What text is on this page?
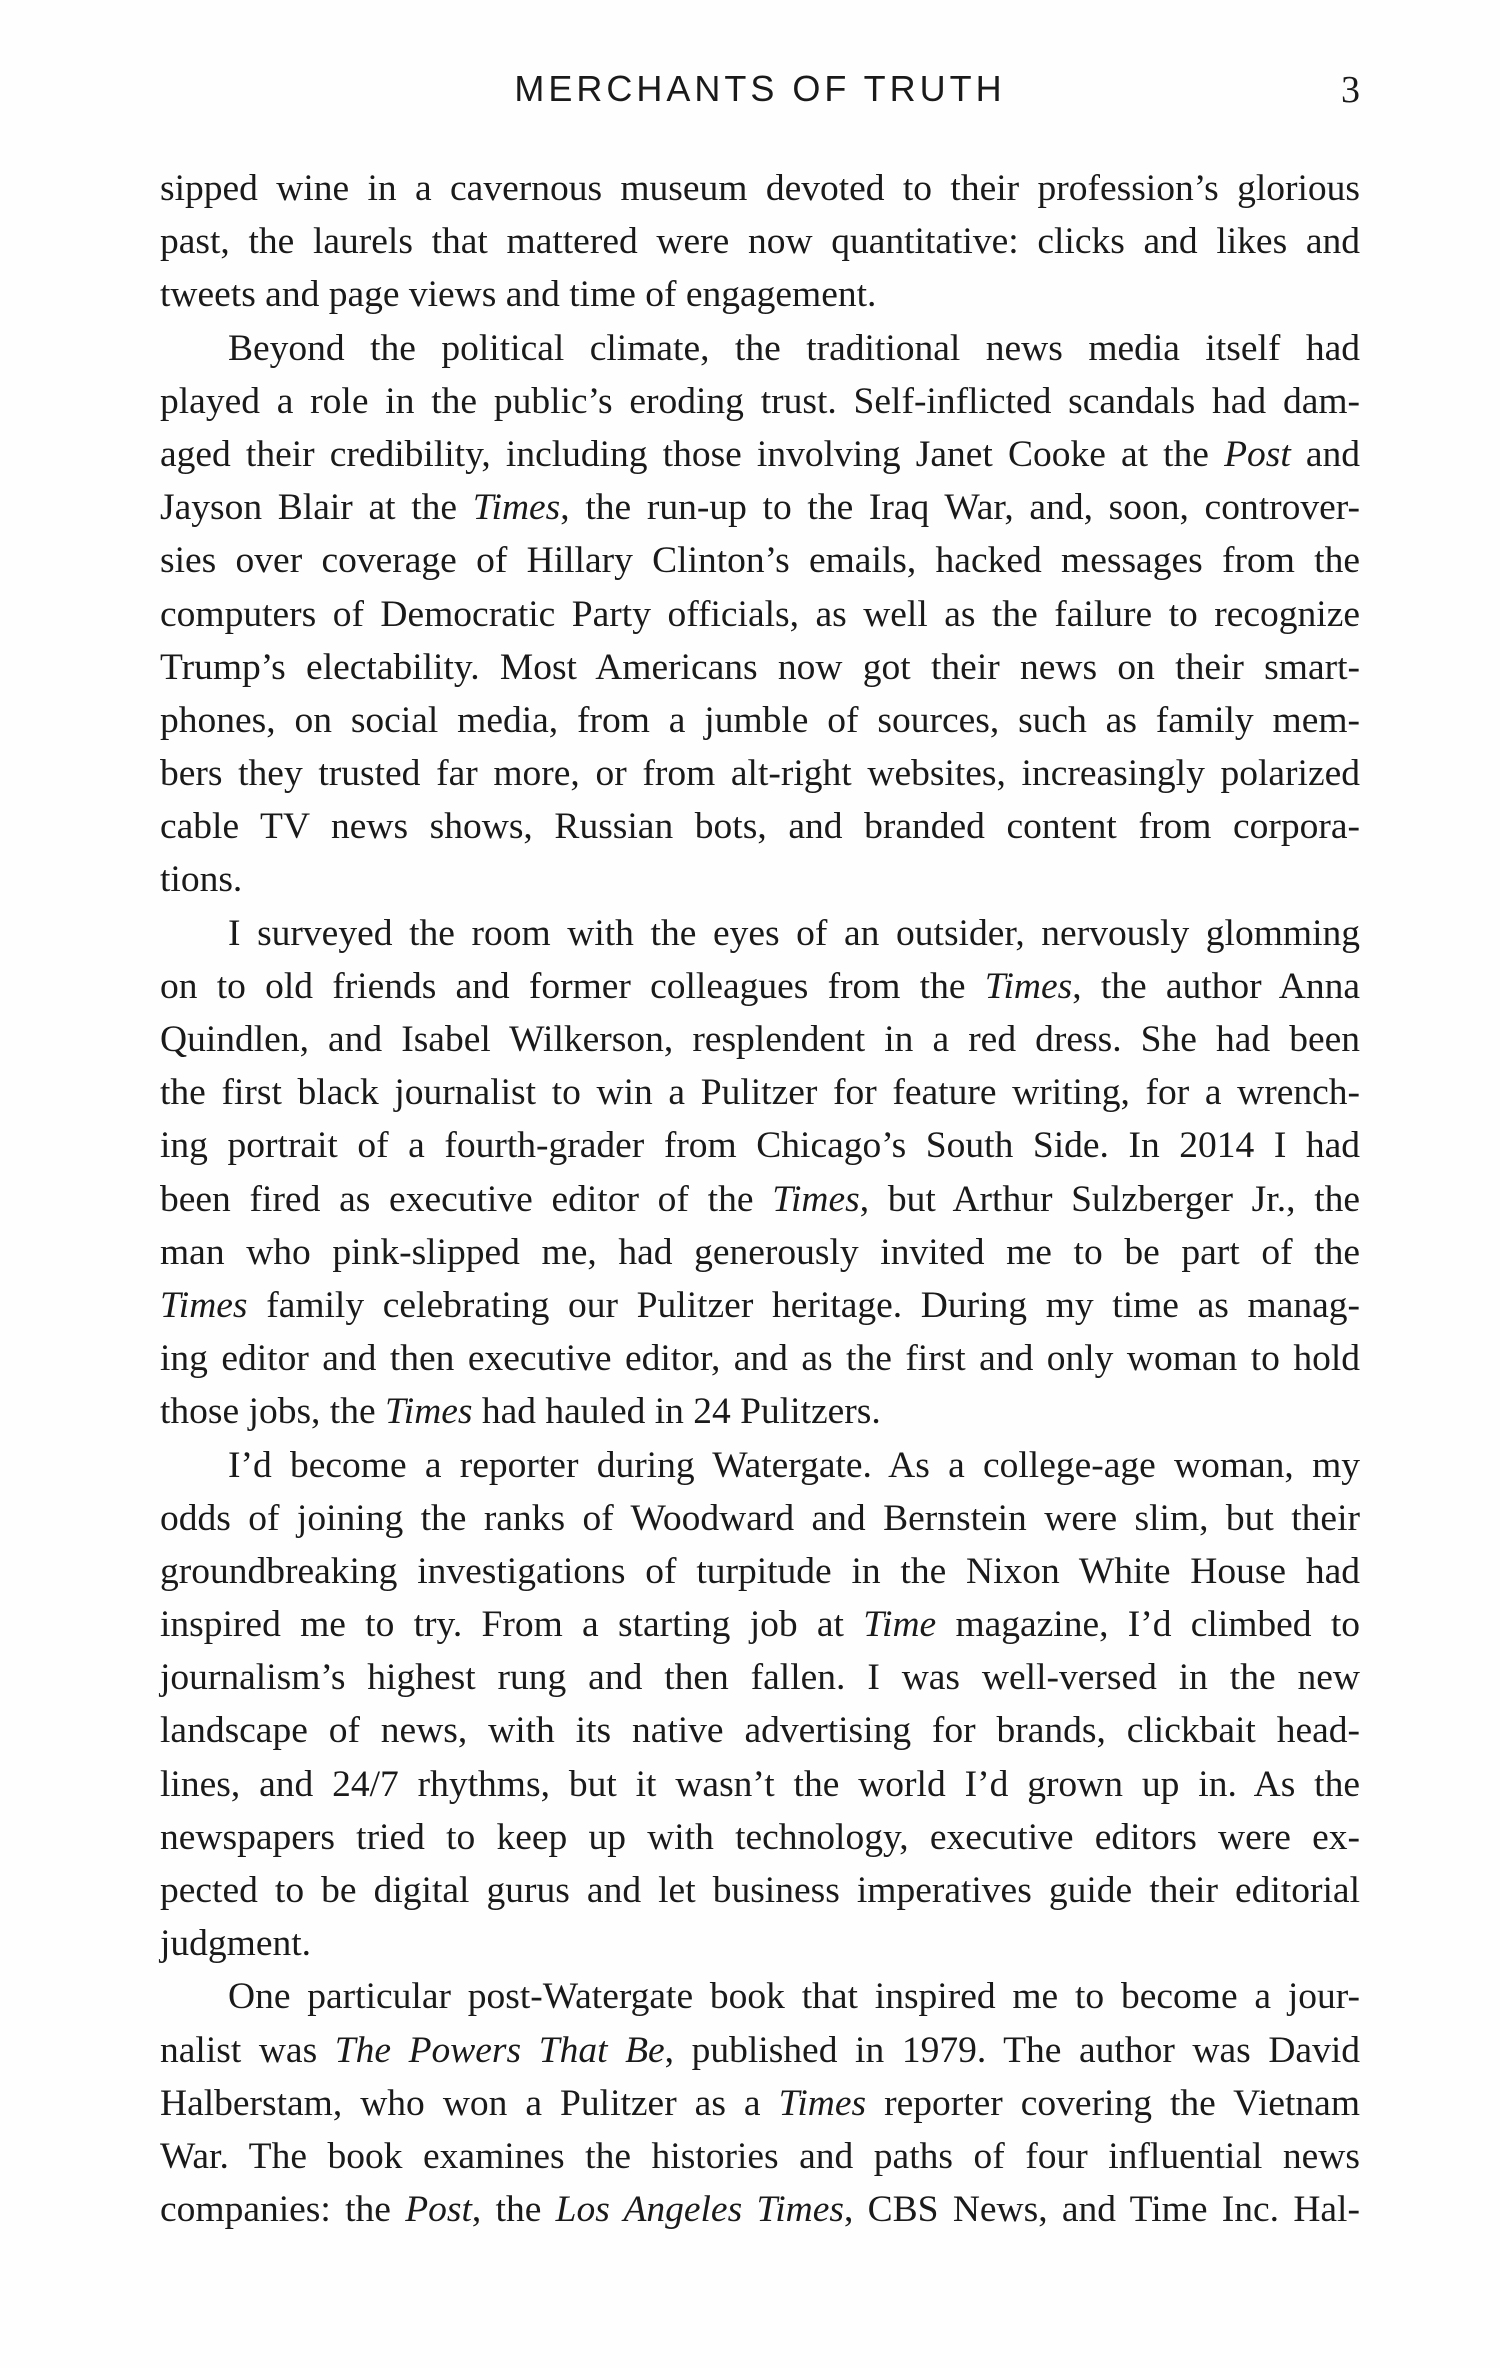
MERCHANTS OF TRUTH	3
sipped wine in a cavernous museum devoted to their profession’s glorious
past, the laurels that mattered were now quantitative: clicks and likes and
tweets and page views and time of engagement.
Beyond the political climate, the traditional news media itself had
played a role in the public’s eroding trust. Self-inflicted scandals had dam-
aged their credibility, including those involving Janet Cooke at the Post and
Jayson Blair at the Times, the run-up to the Iraq War, and, soon, controver-
sies over coverage of Hillary Clinton’s emails, hacked messages from the
computers of Democratic Party officials, as well as the failure to recognize
Trump’s electability. Most Americans now got their news on their smart-
phones, on social media, from a jumble of sources, such as family mem-
bers they trusted far more, or from alt-right websites, increasingly polarized
cable TV news shows, Russian bots, and branded content from corpora-
tions.
I surveyed the room with the eyes of an outsider, nervously glomming
on to old friends and former colleagues from the Times, the author Anna
Quindlen, and Isabel Wilkerson, resplendent in a red dress. She had been
the first black journalist to win a Pulitzer for feature writing, for a wrench-
ing portrait of a fourth-grader from Chicago’s South Side. In 2014 I had
been fired as executive editor of the Times, but Arthur Sulzberger Jr., the
man who pink-slipped me, had generously invited me to be part of the
Times family celebrating our Pulitzer heritage. During my time as manag-
ing editor and then executive editor, and as the first and only woman to hold
those jobs, the Times had hauled in 24 Pulitzers.
I’d become a reporter during Watergate. As a college-age woman, my
odds of joining the ranks of Woodward and Bernstein were slim, but their
groundbreaking investigations of turpitude in the Nixon White House had
inspired me to try. From a starting job at Time magazine, I’d climbed to
journalism’s highest rung and then fallen. I was well-versed in the new
landscape of news, with its native advertising for brands, clickbait head-
lines, and 24/7 rhythms, but it wasn’t the world I’d grown up in. As the
newspapers tried to keep up with technology, executive editors were ex-
pected to be digital gurus and let business imperatives guide their editorial
judgment.
One particular post-Watergate book that inspired me to become a jour-
nalist was The Powers That Be, published in 1979. The author was David
Halberstam, who won a Pulitzer as a Times reporter covering the Vietnam
War. The book examines the histories and paths of four influential news
companies: the Post, the Los Angeles Times, CBS News, and Time Inc. Hal-
